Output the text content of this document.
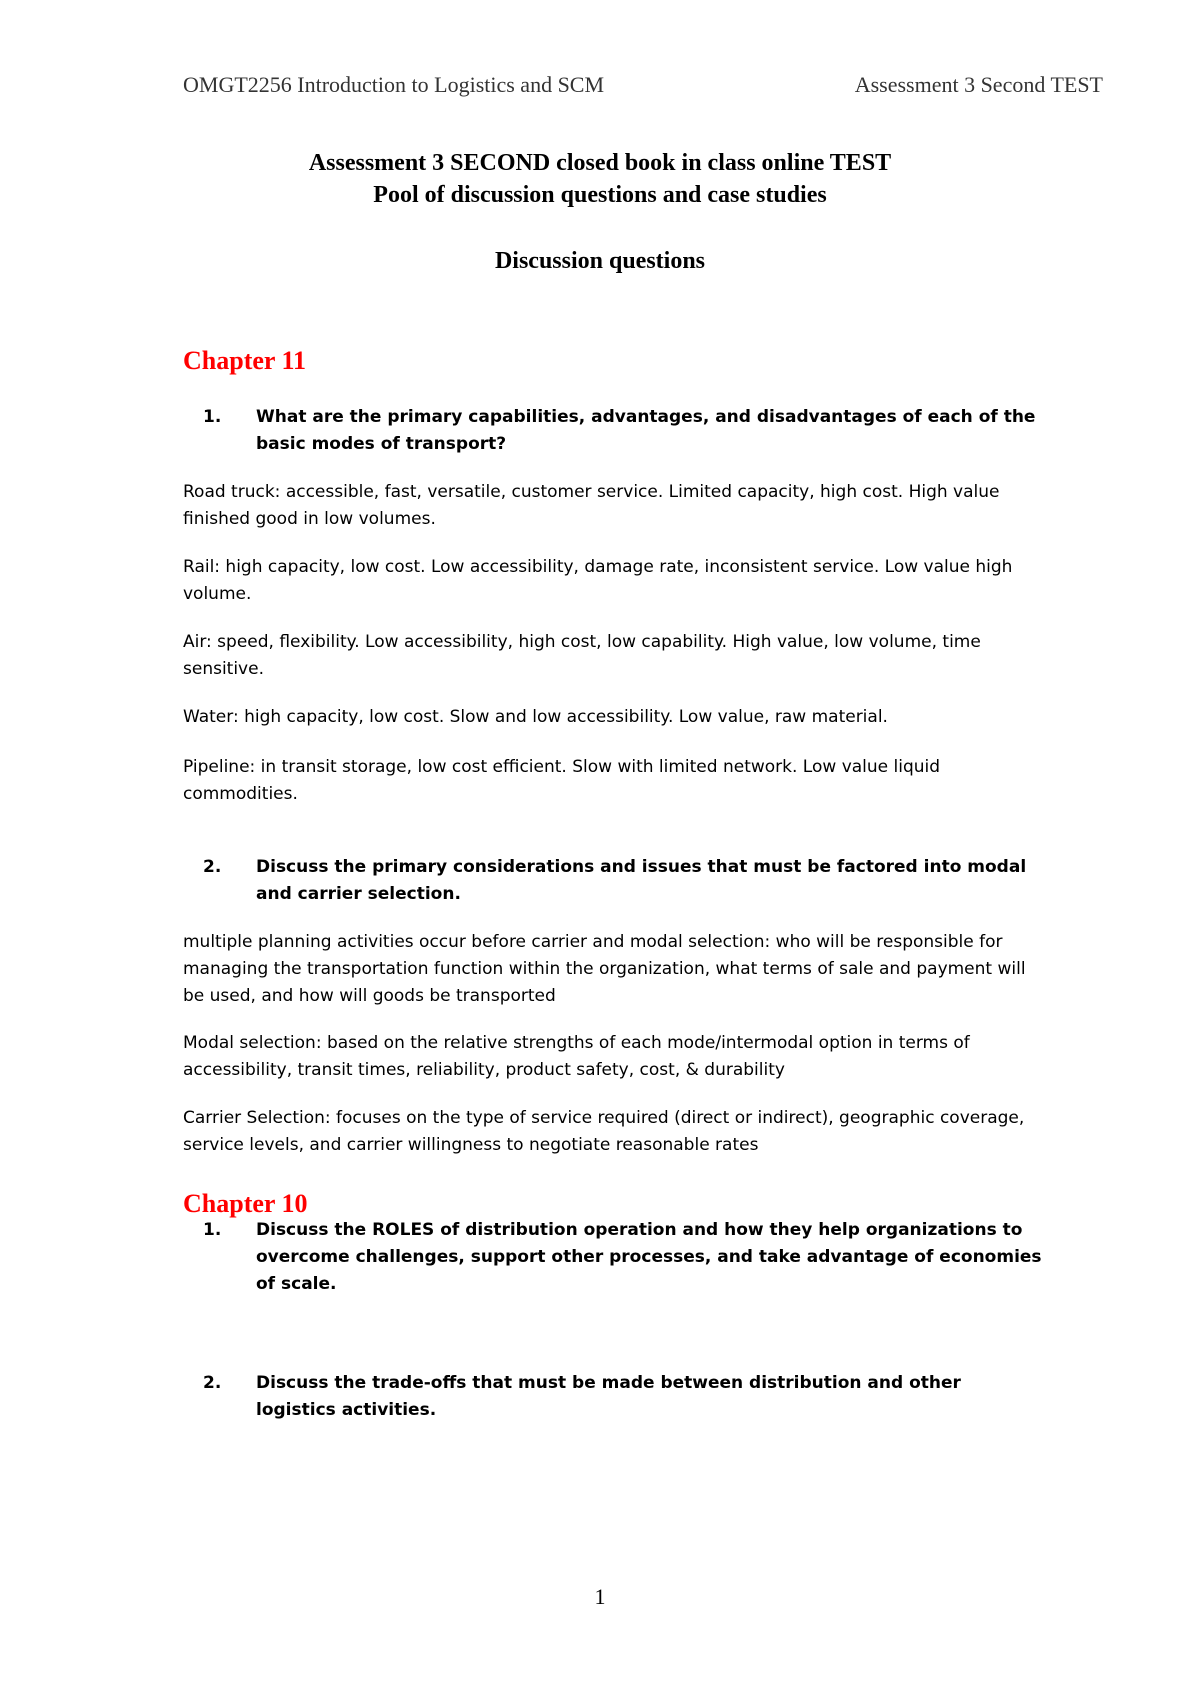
OMGT2256 Introduction to Logistics and SCM	Assessment 3 Second TEST
Assessment 3 SECOND closed book in class online TEST
Pool of discussion questions and case studies
Discussion questions
Chapter 11
1. What are the primary capabilities, advantages, and disadvantages of each of the basic modes of transport?
Road truck: accessible, fast, versatile, customer service. Limited capacity, high cost. High value finished good in low volumes.
Rail: high capacity, low cost. Low accessibility, damage rate, inconsistent service. Low value high volume.
Air: speed, flexibility. Low accessibility, high cost, low capability. High value, low volume, time sensitive.
Water: high capacity, low cost. Slow and low accessibility. Low value, raw material.
Pipeline: in transit storage, low cost efficient. Slow with limited network. Low value liquid commodities.
2. Discuss the primary considerations and issues that must be factored into modal and carrier selection.
multiple planning activities occur before carrier and modal selection: who will be responsible for managing the transportation function within the organization, what terms of sale and payment will be used, and how will goods be transported
Modal selection: based on the relative strengths of each mode/intermodal option in terms of accessibility, transit times, reliability, product safety, cost, & durability
Carrier Selection: focuses on the type of service required (direct or indirect), geographic coverage, service levels, and carrier willingness to negotiate reasonable rates
Chapter 10
1. Discuss the ROLES of distribution operation and how they help organizations to overcome challenges, support other processes, and take advantage of economies of scale.
2. Discuss the trade-offs that must be made between distribution and other logistics activities.
1
